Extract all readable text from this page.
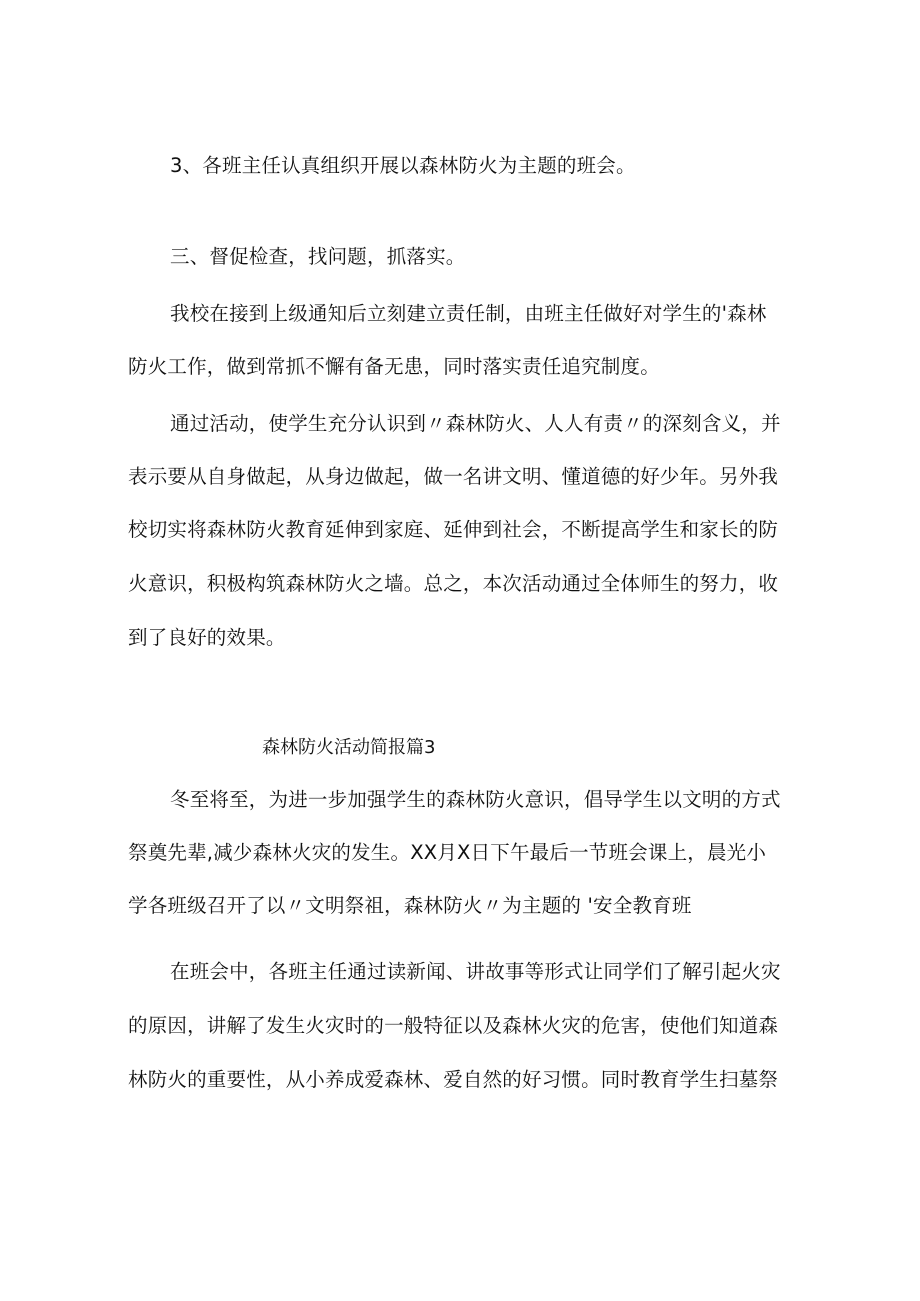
3、各班主任认真组织开展以森林防火为主题的班会。
三、督促检查，找问题，抓落实。
我校在接到上级通知后立刻建立责任制，由班主任做好对学生的'森林
防火工作，做到常抓不懈有备无患，同时落实责任追究制度。
通过活动，使学生充分认识到〃森林防火、人人有责〃的深刻含义，并
表示要从自身做起，从身边做起，做一名讲文明、懂道德的好少年。另外我
校切实将森林防火教育延伸到家庭、延伸到社会，不断提高学生和家长的防
火意识，积极构筑森林防火之墙。总之，本次活动通过全体师生的努力，收
到了良好的效果。
森林防火活动简报篇3
冬至将至，为进一步加强学生的森林防火意识，倡导学生以文明的方式
祭奠先辈,减少森林火灾的发生。XX月X日下午最后一节班会课上，晨光小
学各班级召开了以〃文明祭祖，森林防火〃为主题的 '安全教育班
在班会中，各班主任通过读新闻、讲故事等形式让同学们了解引起火灾
的原因，讲解了发生火灾时的一般特征以及森林火灾的危害，使他们知道森
林防火的重要性，从小养成爱森林、爱自然的好习惯。同时教育学生扫墓祭
